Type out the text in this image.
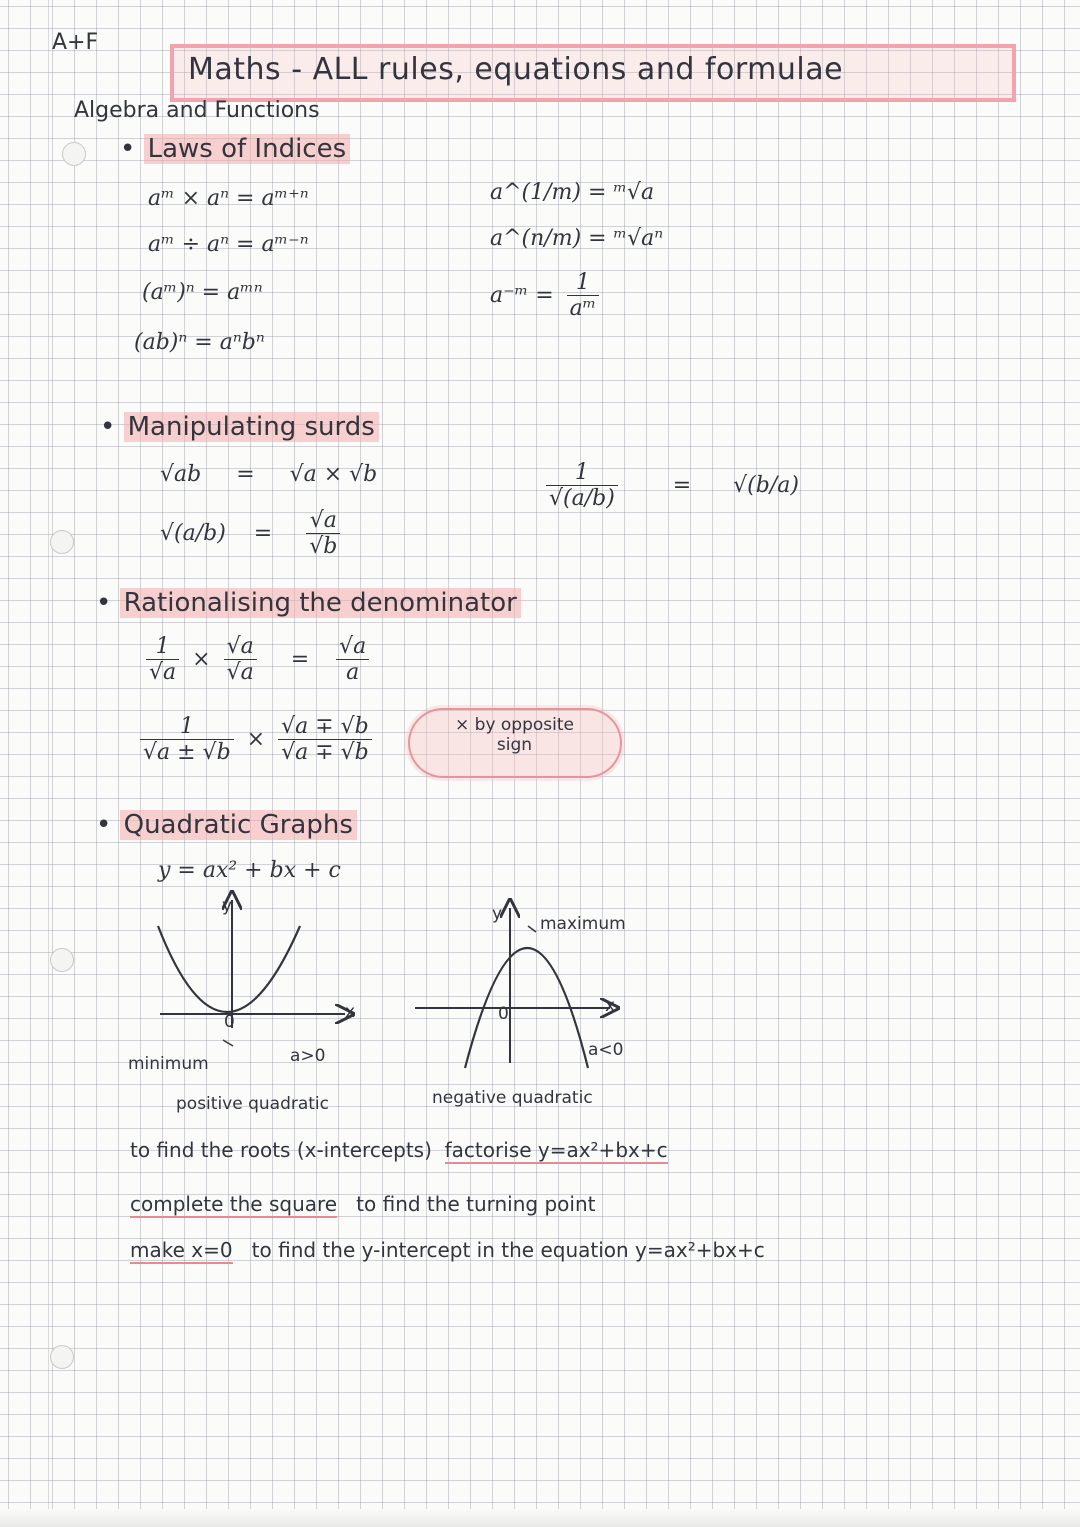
A+F
Maths - ALL rules, equations and formulae
Algebra and Functions
• Laws of Indices
aᵐ × aⁿ = aᵐ⁺ⁿ
aᵐ ÷ aⁿ = aᵐ⁻ⁿ
(aᵐ)ⁿ = aᵐⁿ
(ab)ⁿ = aⁿbⁿ
a^(1/m) = ᵐ√a
a^(n/m) = ᵐ√aⁿ
a⁻ᵐ = $\frac{1}{\text{aᵐ}}$
• Manipulating surds
√ab = √a × √b
$√(a/b) = \frac{√a}{√b}$
$\frac{1}{√(a/b)} = √(b/a)$
• Rationalising the denominator
$\frac{1}{√a} \times \frac{√a}{√a} = \frac{√a}{a}$
$\frac{1}{√a \pm √b} \times \frac{√a \mp √b}{√a \mp √b}$	× by opposite
sign
• Quadratic Graphs
y = ax² + bx + c
y
x
0
minimum	a>0
positive quadratic
y
x
0
maximum
a<0
negative quadratic
to find the roots (x-intercepts) factorise y=ax²+bx+c
complete the square to find the turning point
make x=0 to find the y-intercept in the equation y=ax²+bx+c
